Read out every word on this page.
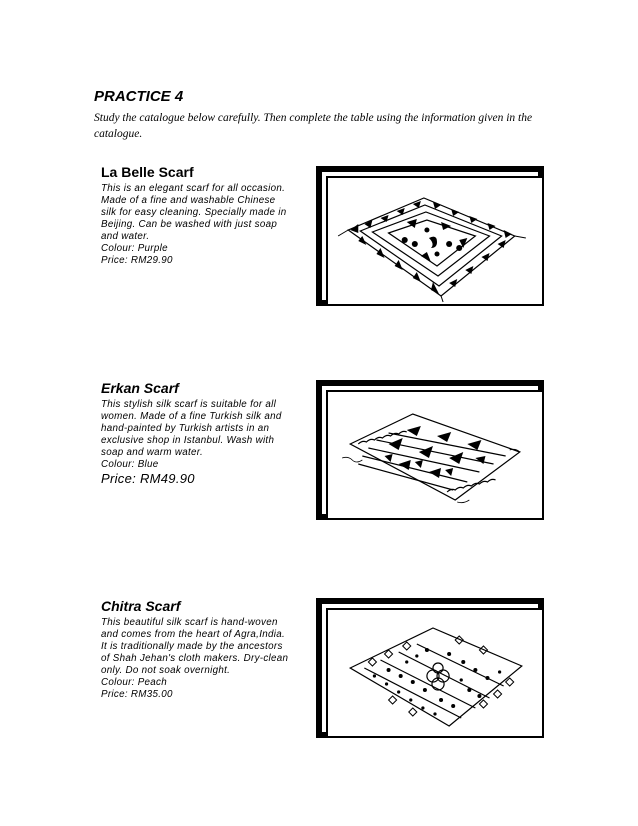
PRACTICE 4

Study the catalogue below carefully. Then complete the table using the information given in the catalogue.

La Belle Scarf

This is an elegant scarf for all occasion. Made of a fine and washable Chinese silk for easy cleaning. Specially made in Beijing. Can be washed with just soap and water.

Colour: Purple

Price: RM29.90

Erkan Scarf

This stylish silk scarf is suitable for all women. Made of a fine Turkish silk and hand-painted by Turkish artists in an exclusive shop in Istanbul. Wash with soap and warm water.

Colour: Blue

Price: RM49.90

Chitra Scarf

This beautiful silk scarf is hand-woven and comes from the heart of Agra,India. It is traditionally made by the ancestors of Shah Jehan's cloth makers. Dry-clean only. Do not soak overnight.

Colour: Peach

Price: RM35.00
